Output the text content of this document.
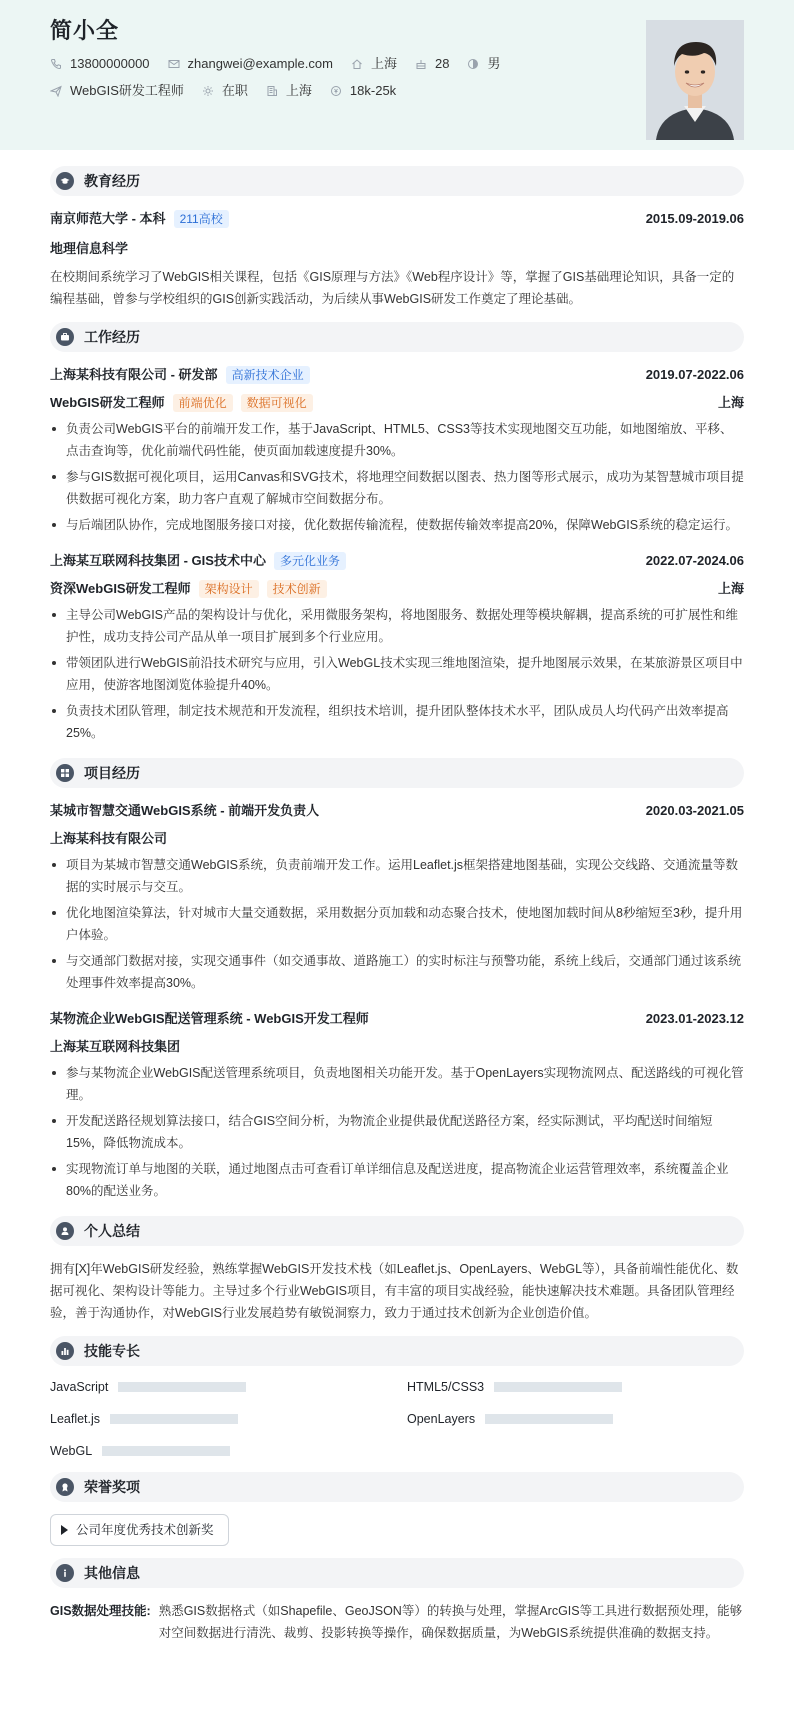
简小全
13800000000	zhangwei@example.com	上海	28	男
WebGIS研发工程师	在职	上海	18k-25k
教育经历
南京师范大学 - 本科	211高校	2015.09-2019.06
地理信息科学
在校期间系统学习了WebGIS相关课程，包括《GIS原理与方法》《Web程序设计》等，掌握了GIS基础理论知识，具备一定的编程基础，曾参与学校组织的GIS创新实践活动，为后续从事WebGIS研发工作奠定了理论基础。
工作经历
上海某科技有限公司 - 研发部	高新技术企业	2019.07-2022.06
WebGIS研发工程师	前端优化	数据可视化	上海
负责公司WebGIS平台的前端开发工作，基于JavaScript、HTML5、CSS3等技术实现地图交互功能，如地图缩放、平移、点击查询等，优化前端代码性能，使页面加载速度提升30%。
参与GIS数据可视化项目，运用Canvas和SVG技术，将地理空间数据以图表、热力图等形式展示，成功为某智慧城市项目提供数据可视化方案，助力客户直观了解城市空间数据分布。
与后端团队协作，完成地图服务接口对接，优化数据传输流程，使数据传输效率提高20%，保障WebGIS系统的稳定运行。
上海某互联网科技集团 - GIS技术中心	多元化业务	2022.07-2024.06
资深WebGIS研发工程师	架构设计	技术创新	上海
主导公司WebGIS产品的架构设计与优化，采用微服务架构，将地图服务、数据处理等模块解耦，提高系统的可扩展性和维护性，成功支持公司产品从单一项目扩展到多个行业应用。
带领团队进行WebGIS前沿技术研究与应用，引入WebGL技术实现三维地图渲染，提升地图展示效果，在某旅游景区项目中应用，使游客地图浏览体验提升40%。
负责技术团队管理，制定技术规范和开发流程，组织技术培训，提升团队整体技术水平，团队成员人均代码产出效率提高25%。
项目经历
某城市智慧交通WebGIS系统 - 前端开发负责人	2020.03-2021.05
上海某科技有限公司
项目为某城市智慧交通WebGIS系统，负责前端开发工作。运用Leaflet.js框架搭建地图基础，实现公交线路、交通流量等数据的实时展示与交互。
优化地图渲染算法，针对城市大量交通数据，采用数据分页加载和动态聚合技术，使地图加载时间从8秒缩短至3秒，提升用户体验。
与交通部门数据对接，实现交通事件（如交通事故、道路施工）的实时标注与预警功能，系统上线后，交通部门通过该系统处理事件效率提高30%。
某物流企业WebGIS配送管理系统 - WebGIS开发工程师	2023.01-2023.12
上海某互联网科技集团
参与某物流企业WebGIS配送管理系统项目，负责地图相关功能开发。基于OpenLayers实现物流网点、配送路线的可视化管理。
开发配送路径规划算法接口，结合GIS空间分析，为物流企业提供最优配送路径方案，经实际测试，平均配送时间缩短15%，降低物流成本。
实现物流订单与地图的关联，通过地图点击可查看订单详细信息及配送进度，提高物流企业运营管理效率，系统覆盖企业80%的配送业务。
个人总结
拥有[X]年WebGIS研发经验，熟练掌握WebGIS开发技术栈（如Leaflet.js、OpenLayers、WebGL等），具备前端性能优化、数据可视化、架构设计等能力。主导过多个行业WebGIS项目，有丰富的项目实战经验，能快速解决技术难题。具备团队管理经验，善于沟通协作，对WebGIS行业发展趋势有敏锐洞察力，致力于通过技术创新为企业创造价值。
技能专长
JavaScript	HTML5/CSS3
Leaflet.js	OpenLayers
WebGL
荣誉奖项
公司年度优秀技术创新奖
其他信息
GIS数据处理技能: 熟悉GIS数据格式（如Shapefile、GeoJSON等）的转换与处理，掌握ArcGIS等工具进行数据预处理，能够对空间数据进行清洗、裁剪、投影转换等操作，确保数据质量，为WebGIS系统提供准确的数据支持。
